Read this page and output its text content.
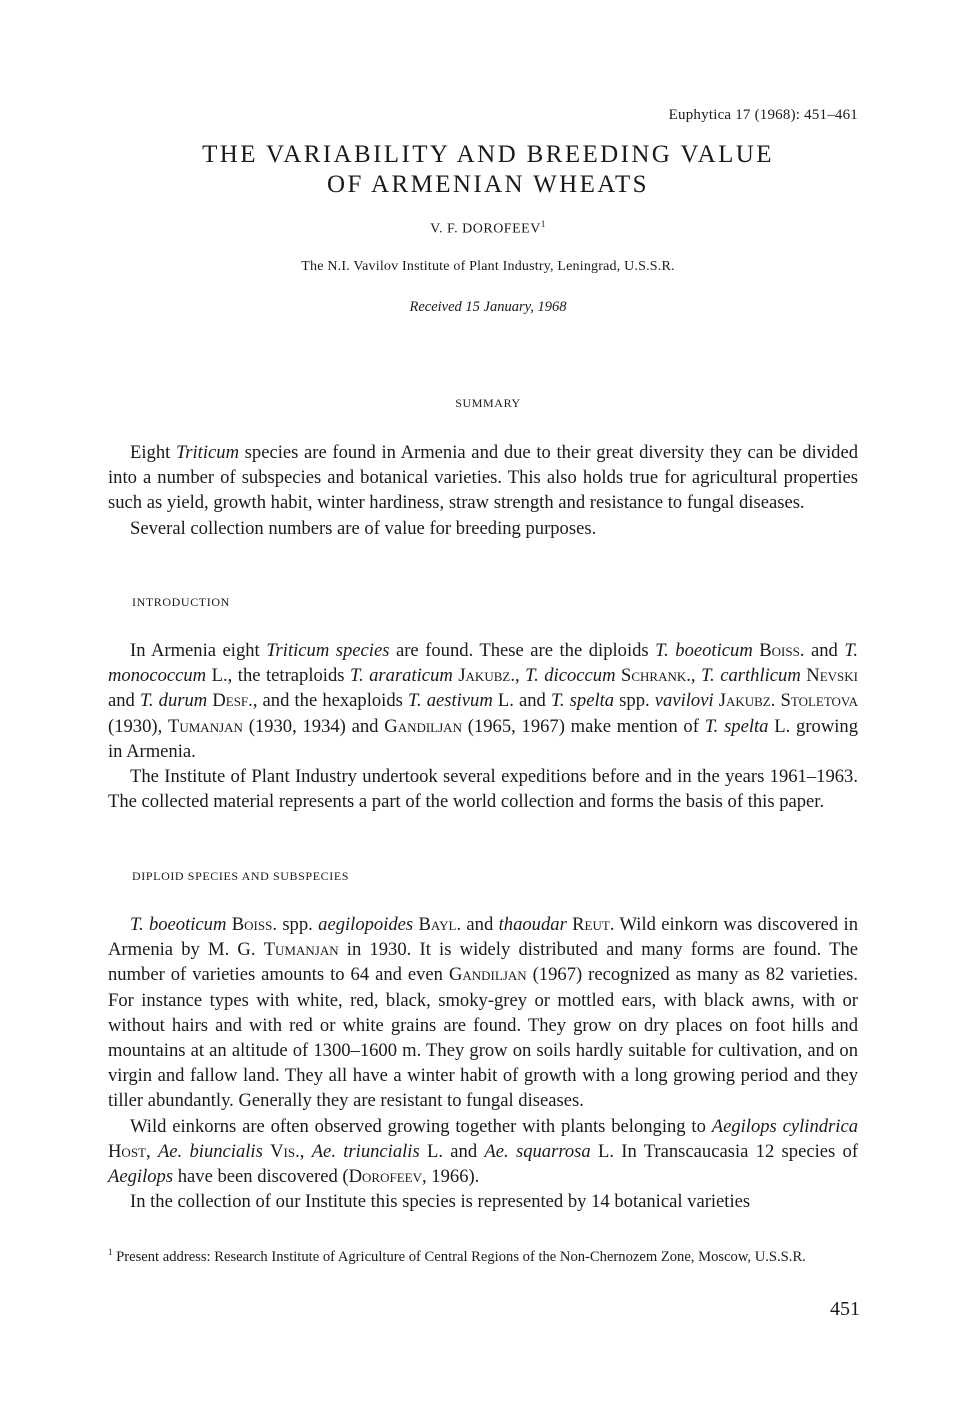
Euphytica 17 (1968): 451–461
THE VARIABILITY AND BREEDING VALUE
OF ARMENIAN WHEATS
V. F. DOROFEEV$^1$
The N.I. Vavilov Institute of Plant Industry, Leningrad, U.S.S.R.
Received 15 January, 1968
SUMMARY

Eight Triticum species are found in Armenia and due to their great diversity they can be divided into a number of subspecies and botanical varieties. This also holds true for agricultural properties such as yield, growth habit, winter hardiness, straw strength and resistance to fungal diseases.

Several collection numbers are of value for breeding purposes.

INTRODUCTION

In Armenia eight Triticum species are found. These are the diploids T. boeoticum Boiss. and T. monococcum L., the tetraploids T. araraticum Jakubz., T. dicoccum Schrank., T. carthlicum Nevski and T. durum Desf., and the hexaploids T. aestivum L. and T. spelta spp. vavilovi Jakubz. Stoletova (1930), Tumanjan (1930, 1934) and Gandiljan (1965, 1967) make mention of T. spelta L. growing in Armenia.

The Institute of Plant Industry undertook several expeditions before and in the years 1961–1963. The collected material represents a part of the world collection and forms the basis of this paper.

DIPLOID SPECIES AND SUBSPECIES

T. boeoticum Boiss. spp. aegilopoides Bayl. and thaoudar Reut. Wild einkorn was discovered in Armenia by M. G. Tumanjan in 1930. It is widely distributed and many forms are found. The number of varieties amounts to 64 and even Gandiljan (1967) recognized as many as 82 varieties. For instance types with white, red, black, smoky-grey or mottled ears, with black awns, with or without hairs and with red or white grains are found. They grow on dry places on foot hills and mountains at an altitude of 1300–1600 m. They grow on soils hardly suitable for cultivation, and on virgin and fallow land. They all have a winter habit of growth with a long growing period and they tiller abundantly. Generally they are resistant to fungal diseases.

Wild einkorns are often observed growing together with plants belonging to Aegilops cylindrica Host, Ae. biuncialis Vis., Ae. triuncialis L. and Ae. squarrosa L. In Transcaucasia 12 species of Aegilops have been discovered (Dorofeev, 1966).

In the collection of our Institute this species is represented by 14 botanical varieties

$^1$ Present address: Research Institute of Agriculture of Central Regions of the Non-Chernozem Zone, Moscow, U.S.S.R.
451
